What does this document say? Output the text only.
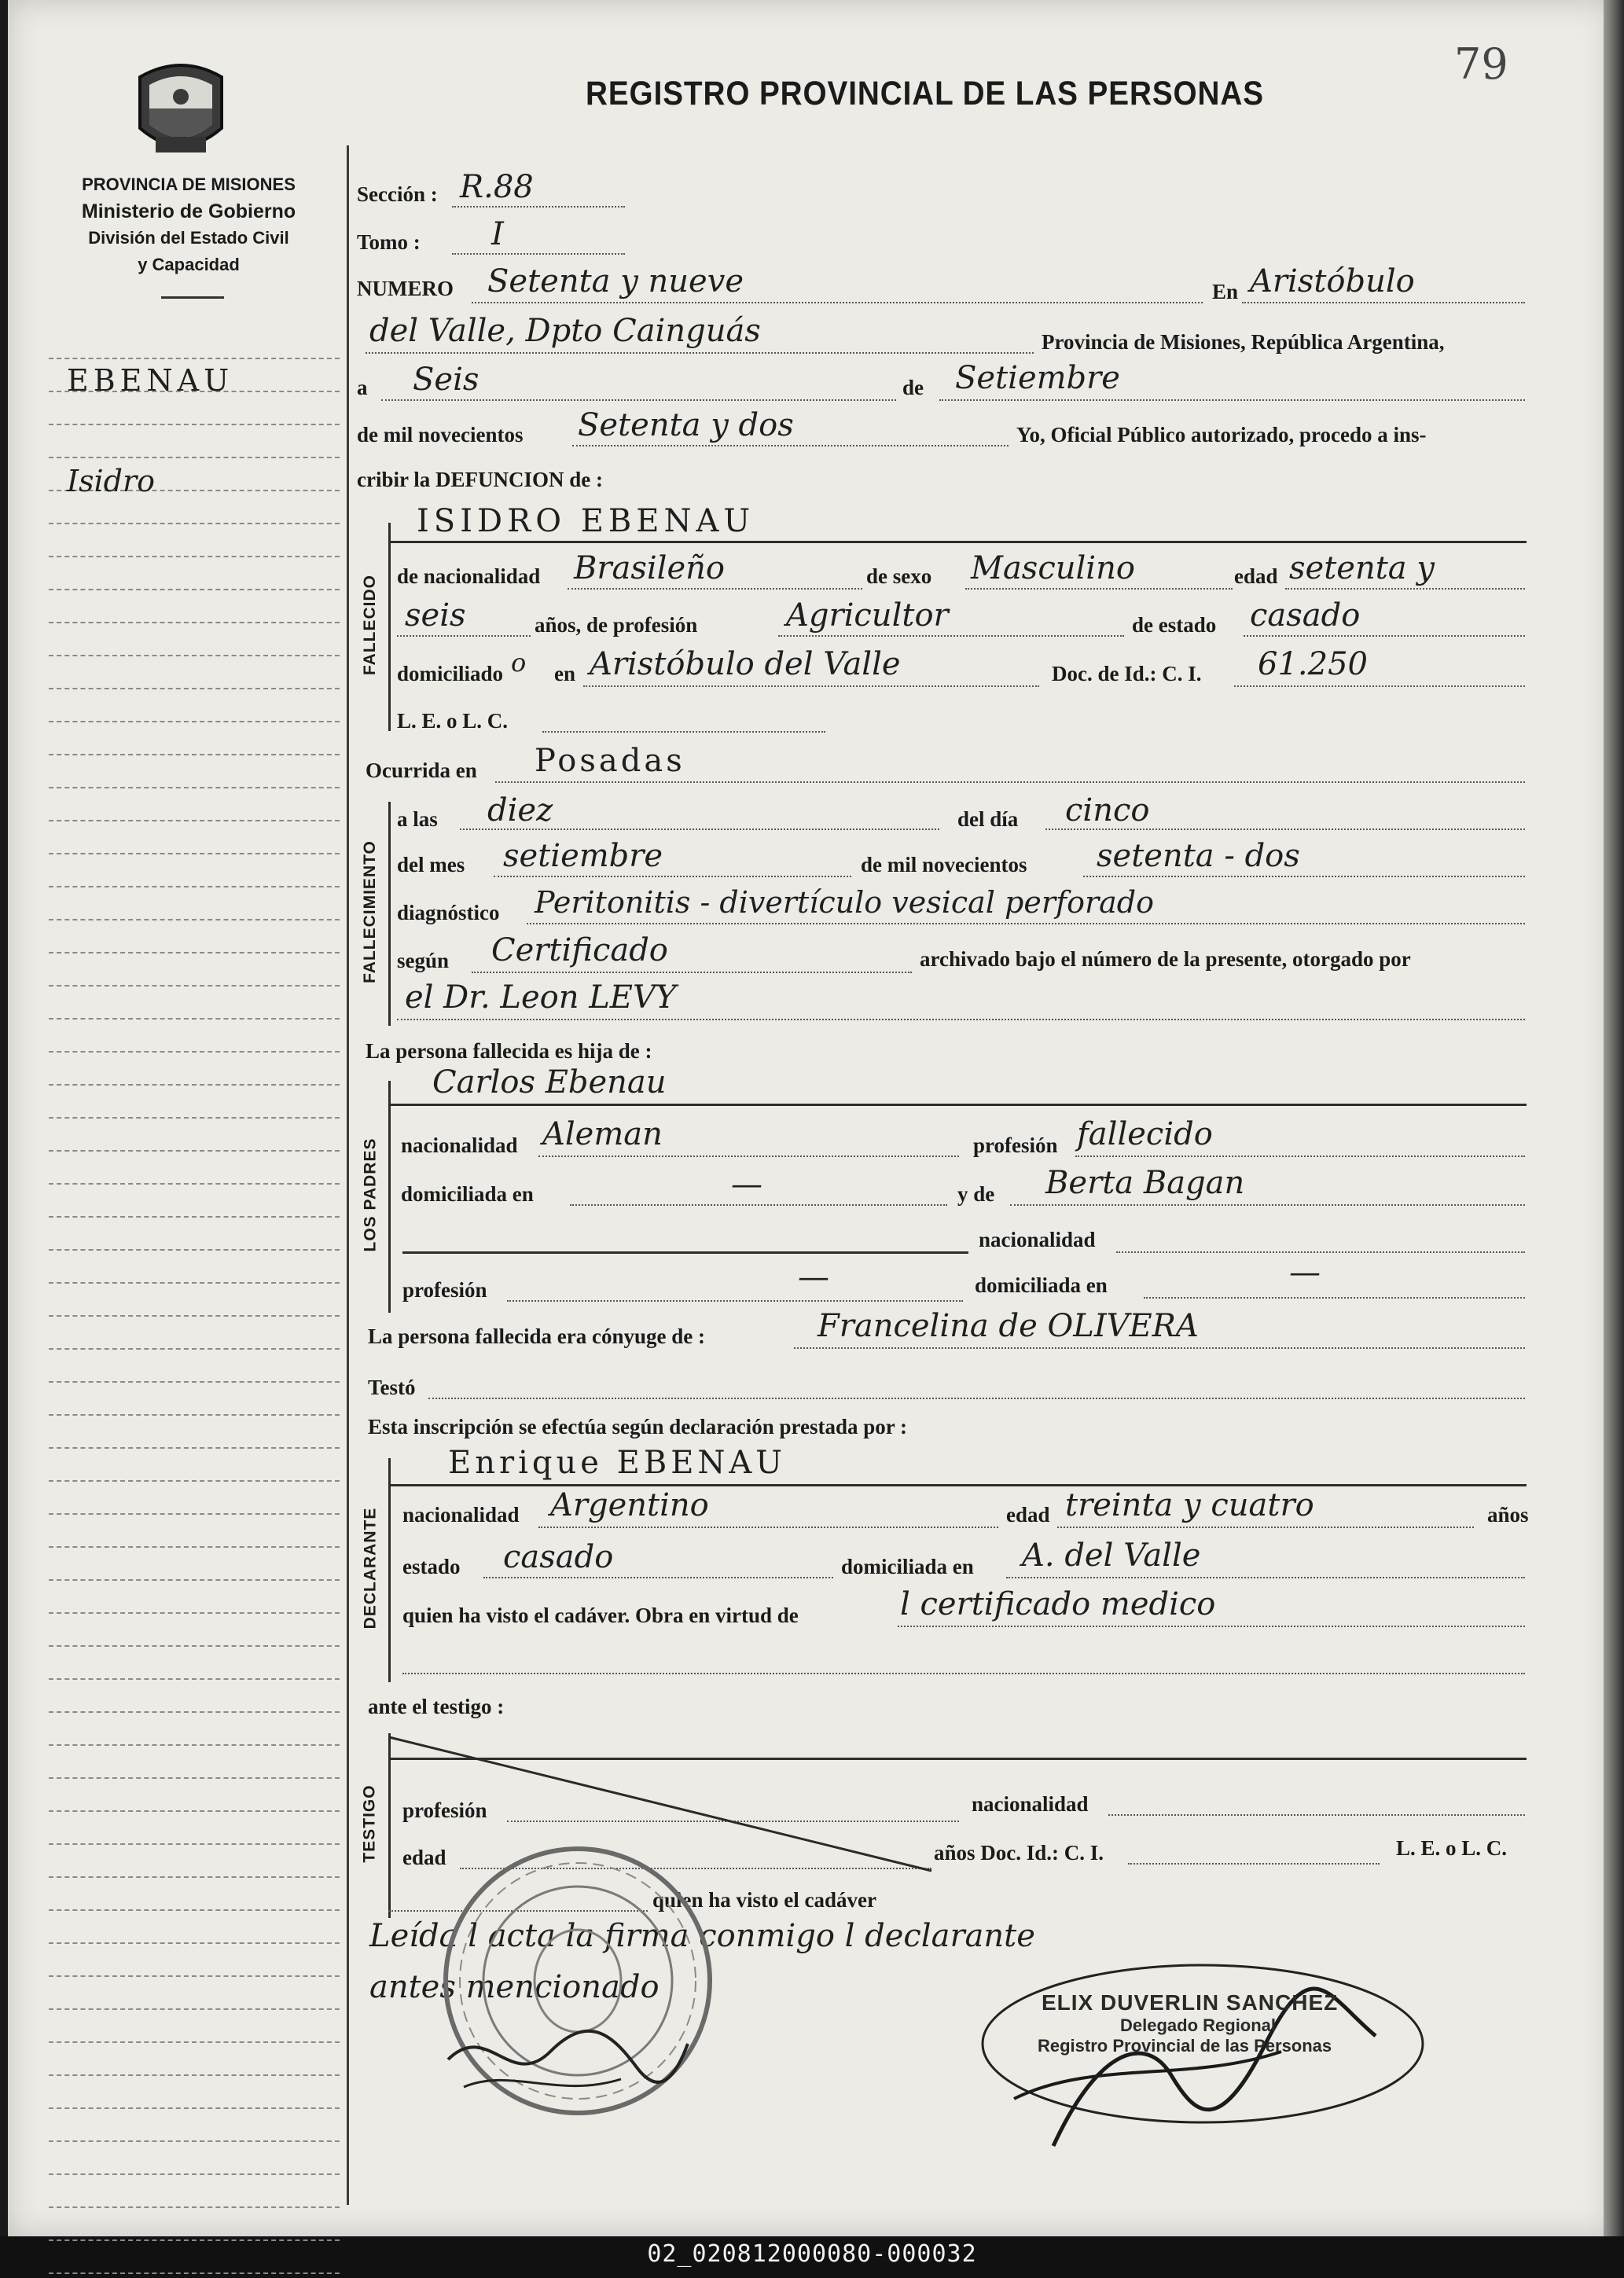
02_020812000080-000032
79
REGISTRO PROVINCIAL DE LAS PERSONAS
PROVINCIA DE MISIONES
Ministerio de Gobierno
División del Estado Civil
y Capacidad
EBENAU
Isidro
Sección : R.88
Tomo : I
NUMERO Setenta y nueve	En Aristóbulo
del Valle, Dpto Cainguás	Provincia de Misiones, República Argentina,
a Seis	de Setiembre
de mil novecientos Setenta y dos	Yo, Oficial Público autorizado, procedo a ins-
cribir la DEFUNCION de :
FALLECIDO
ISIDRO EBENAU
de nacionalidad Brasileño	de sexo Masculino	edad setenta y
seis	años, de profesión	Agricultor	de estado casado
domiciliado o en Aristóbulo del Valle	Doc. de Id.: C. I. 61.250
L. E. o L. C.
Ocurrida en Posadas
FALLECIMIENTO
a las diez	del día cinco
del mes setiembre	de mil novecientos setenta - dos
diagnóstico Peritonitis - divertículo vesical perforado
según Certificado	archivado bajo el número de la presente, otorgado por
el Dr. Leon LEVY
La persona fallecida es hija de :
LOS PADRES
Carlos Ebenau
nacionalidad Aleman	profesión fallecido
domiciliada en	—	y de Berta Bagan
nacionalidad
profesión	—	domiciliada en	—
La persona fallecida era cónyuge de :	Francelina de OLIVERA
Testó
Esta inscripción se efectúa según declaración prestada por :
DECLARANTE
Enrique EBENAU
nacionalidad Argentino	edad treinta y cuatro	años
estado casado	domiciliada en A. del Valle
quien ha visto el cadáver. Obra en virtud de	l certificado medico
ante el testigo :
TESTIGO profesión	nacionalidad
edad	años Doc. Id.: C. I.	L. E. o L. C.
quien ha visto el cadáver
Leída l acta la firma conmigo l declarante
antes mencionado	ELIX DUVERLIN SANCHEZ
Delegado Regional
Registro Provincial de las Personas
